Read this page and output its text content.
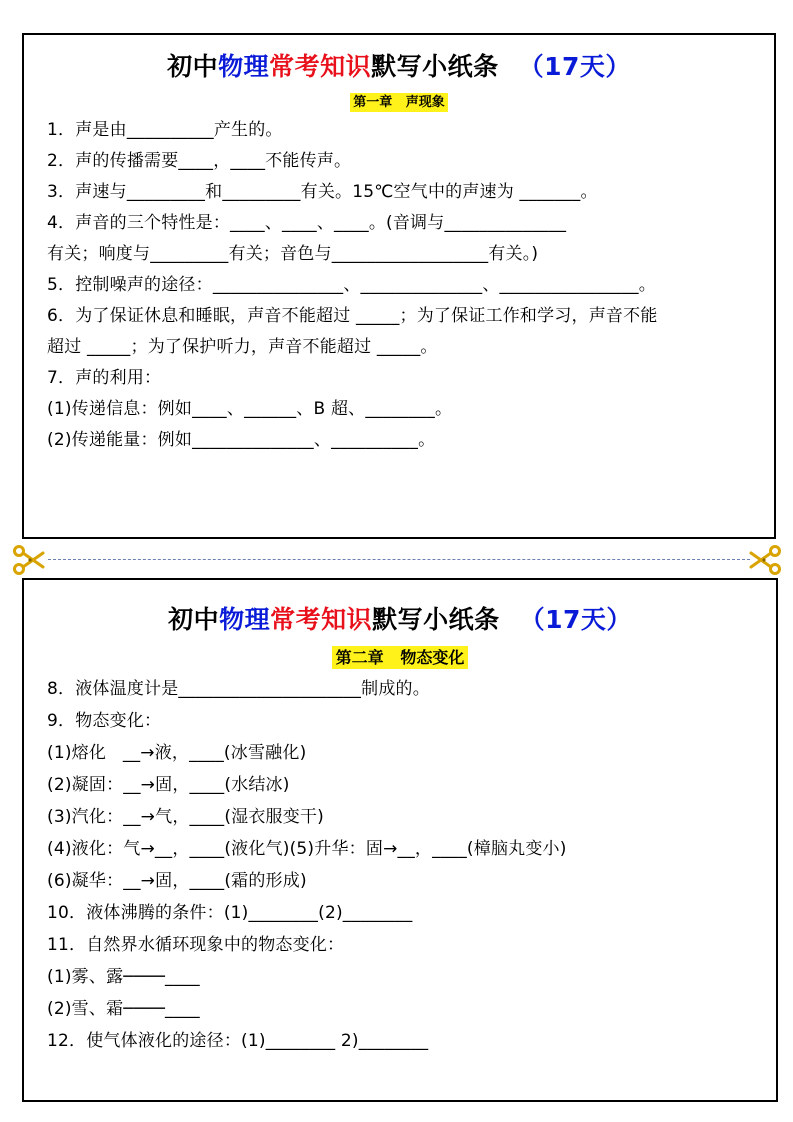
初中物理常考知识默写小纸条 （17天）
第一章   声现象
1．声是由__________产生的。
2．声的传播需要____，____不能传声。
3．声速与_________和_________有关。15℃空气中的声速为 _______。
4．声音的三个特性是：____、____、____。(音调与______________
有关；响度与_________有关；音色与__________________有关。)
5．控制噪声的途径：_______________、______________、________________。
6．为了保证休息和睡眠，声音不能超过 _____；为了保证工作和学习，声音不能
超过 _____；为了保护听力，声音不能超过 _____。
7．声的利用：
(1)传递信息：例如____、______、B 超、________。
(2)传递能量：例如______________、__________。
初中物理常考知识默写小纸条 （17天）
第二章   物态变化
8．液体温度计是_____________________制成的。
9．物态变化：
(1)熔化   __→液，____(冰雪融化)
(2)凝固：__→固，____(水结冰)
(3)汽化：__→气，____(湿衣服变干)
(4)液化：气→__，____(液化气)(5)升华：固→__，____(樟脑丸变小)
(6)凝华：__→固，____(霜的形成)
10．液体沸腾的条件：(1)________(2)________
11．自然界水循环现象中的物态变化：
(1)雾、露────____
(2)雪、霜────____
12．使气体液化的途径：(1)________ 2)________
